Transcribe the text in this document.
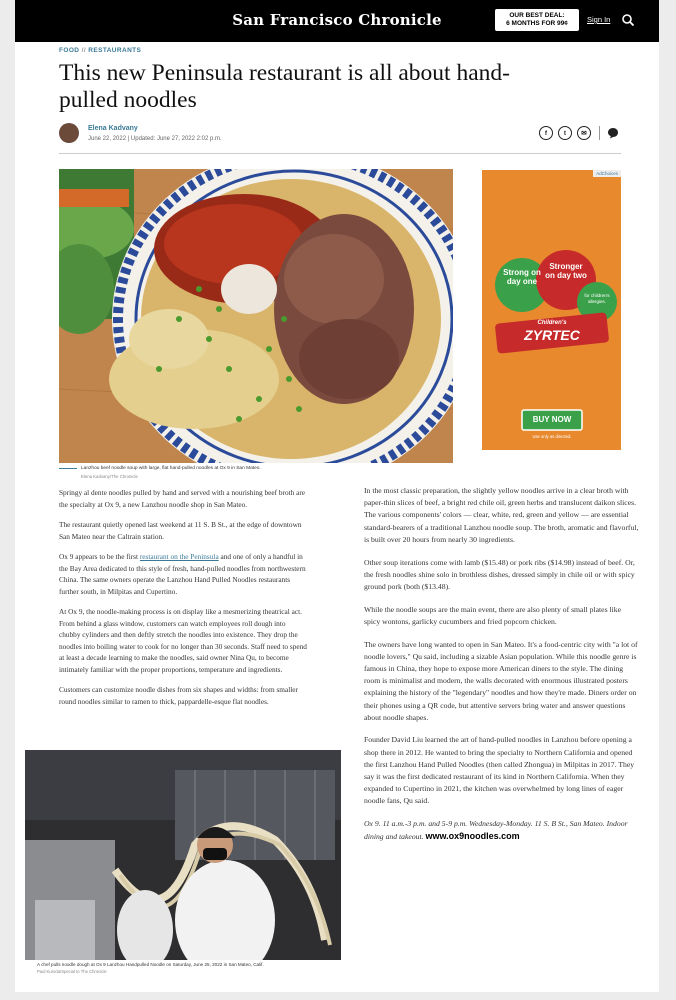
San Francisco Chronicle	OUR BEST DEAL:
6 MONTHS FOR 99¢	Sign In
FOOD // RESTAURANTS
This new Peninsula restaurant is all about hand-pulled noodles
Elena Kadvany
June 22, 2022 | Updated: June 27, 2022 2:02 p.m.
f	t	✉
Lanzhou beef noodle soup with large, flat hand-pulled noodles at Ox 9 in San Mateo.
Elena Kadvany/The Chronicle
AdChoices
Strong on day one
Stronger on day two
for children's allergies.
Children's
ZYRTEC
BUY NOW
Use only as directed.

Springy al dente noodles pulled by hand and served with a nourishing beef broth are the specialty at Ox 9, a new Lanzhou noodle shop in San Mateo.

The restaurant quietly opened last weekend at 11 S. B St., at the edge of downtown San Mateo near the Caltrain station.

Ox 9 appears to be the first restaurant on the Peninsula and one of only a handful in the Bay Area dedicated to this style of fresh, hand-pulled noodles from northwestern China. The same owners operate the Lanzhou Hand Pulled Noodles restaurants further south, in Milpitas and Cupertino.

At Ox 9, the noodle-making process is on display like a mesmerizing theatrical act. From behind a glass window, customers can watch employees roll dough into chubby cylinders and then deftly stretch the noodles into existence. They drop the noodles into boiling water to cook for no longer than 30 seconds. Staff need to spend at least a decade learning to make the noodles, said owner Nina Qu, to become intimately familiar with the proper proportions, temperature and ingredients.

Customers can customize noodle dishes from six shapes and widths: from smaller round noodles similar to ramen to thick, pappardelle-esque flat noodles.

In the most classic preparation, the slightly yellow noodles arrive in a clear broth with paper-thin slices of beef, a bright red chile oil, green herbs and translucent daikon slices. The various components' colors — clear, white, red, green and yellow — are essential standard-bearers of a traditional Lanzhou noodle soup. The broth, aromatic and flavorful, is built over 20 hours from nearly 30 ingredients.

Other soup iterations come with lamb ($15.48) or pork ribs ($14.98) instead of beef. Or, the fresh noodles shine solo in brothless dishes, dressed simply in chile oil or with spicy ground pork (both ($13.48).

While the noodle soups are the main event, there are also plenty of small plates like spicy wontons, garlicky cucumbers and fried popcorn chicken.

The owners have long wanted to open in San Mateo. It's a food-centric city with "a lot of noodle lovers," Qu said, including a sizable Asian population. While this noodle genre is famous in China, they hope to expose more American diners to the style. The dining room is minimalist and modern, the walls decorated with enormous illustrated posters explaining the history of the "legendary" noodles and how they're made. Diners order on their phones using a QR code, but attentive servers bring water and answer questions about noodle shapes.

Founder David Liu learned the art of hand-pulled noodles in Lanzhou before opening a shop there in 2012. He wanted to bring the specialty to Northern California and opened the first Lanzhou Hand Pulled Noodles (then called Zhongua) in Milpitas in 2017. They say it was the first dedicated restaurant of its kind in Northern California. When they expanded to Cupertino in 2021, the kitchen was overwhelmed by long lines of eager noodle fans, Qu said.

Ox 9. 11 a.m.-3 p.m. and 5-9 p.m. Wednesday-Monday. 11 S. B St., San Mateo. Indoor dining and takeout. www.ox9noodles.com

A chef pulls noodle dough at Ox 9 Lanzhou Handpulled Noodle on Saturday, June 25, 2022 in San Mateo, Calif.
Paul Kuroda/Special to The Chronicle
